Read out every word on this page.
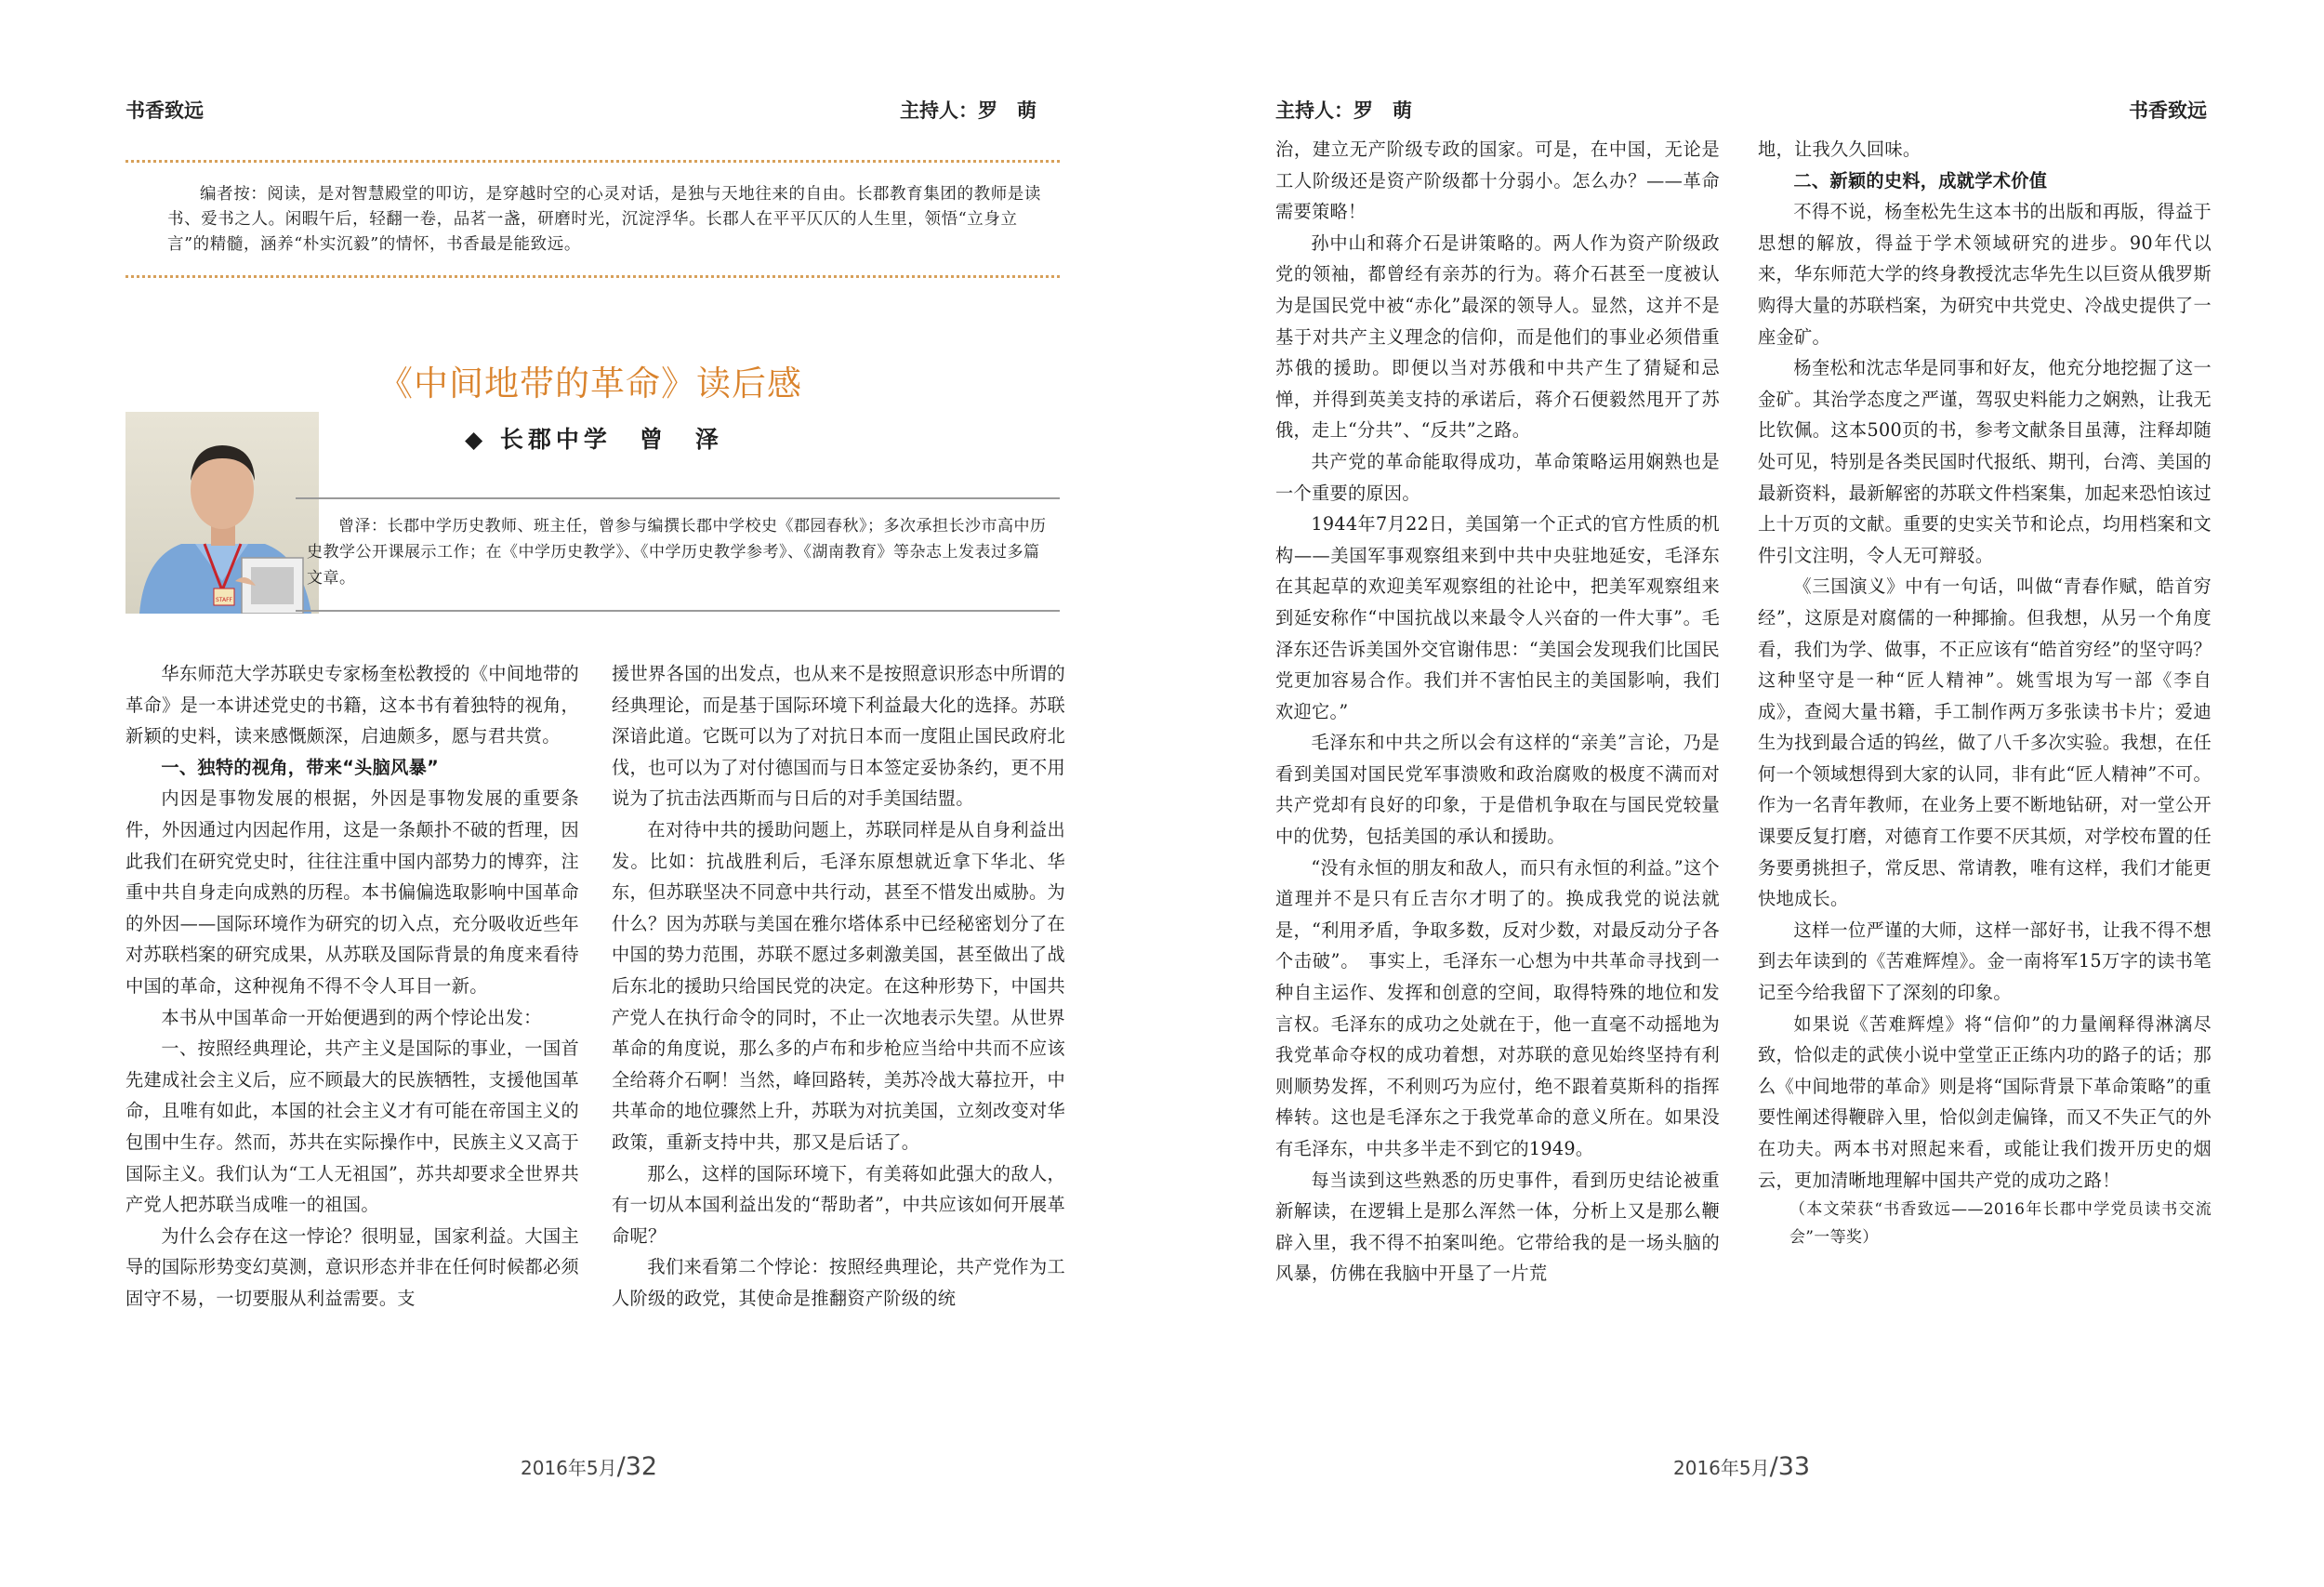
书香致远	主持人：罗　萌

编者按：阅读，是对智慧殿堂的叩访，是穿越时空的心灵对话，是独与天地往来的自由。长郡教育集团的教师是读书、爱书之人。闲暇午后，轻翻一卷，品茗一盏，研磨时光，沉淀浮华。长郡人在平平仄仄的人生里，领悟“立身立言”的精髓，涵养“朴实沉毅”的情怀，书香最是能致远。

《中间地带的革命》读后感
◆ 长郡中学　曾　泽
STAFF

曾泽：长郡中学历史教师、班主任，曾参与编撰长郡中学校史《郡园春秋》；多次承担长沙市高中历史教学公开课展示工作；在《中学历史教学》、《中学历史教学参考》、《湖南教育》等杂志上发表过多篇文章。

华东师范大学苏联史专家杨奎松教授的《中间地带的革命》是一本讲述党史的书籍，这本书有着独特的视角，新颖的史料，读来感慨颇深，启迪颇多，愿与君共赏。

一、独特的视角，带来“头脑风暴”

内因是事物发展的根据，外因是事物发展的重要条件，外因通过内因起作用，这是一条颠扑不破的哲理，因此我们在研究党史时，往往注重中国内部势力的博弈，注重中共自身走向成熟的历程。本书偏偏选取影响中国革命的外因——国际环境作为研究的切入点，充分吸收近些年对苏联档案的研究成果，从苏联及国际背景的角度来看待中国的革命，这种视角不得不令人耳目一新。

本书从中国革命一开始便遇到的两个悖论出发：

一、按照经典理论，共产主义是国际的事业，一国首先建成社会主义后，应不顾最大的民族牺牲，支援他国革命，且唯有如此，本国的社会主义才有可能在帝国主义的包围中生存。然而，苏共在实际操作中，民族主义又高于国际主义。我们认为“工人无祖国”，苏共却要求全世界共产党人把苏联当成唯一的祖国。

为什么会存在这一悖论？很明显，国家利益。大国主导的国际形势变幻莫测，意识形态并非在任何时候都必须固守不易，一切要服从利益需要。支

援世界各国的出发点，也从来不是按照意识形态中所谓的经典理论，而是基于国际环境下利益最大化的选择。苏联深谙此道。它既可以为了对抗日本而一度阻止国民政府北伐，也可以为了对付德国而与日本签定妥协条约，更不用说为了抗击法西斯而与日后的对手美国结盟。

在对待中共的援助问题上，苏联同样是从自身利益出发。比如：抗战胜利后，毛泽东原想就近拿下华北、华东，但苏联坚决不同意中共行动，甚至不惜发出威胁。为什么？因为苏联与美国在雅尔塔体系中已经秘密划分了在中国的势力范围，苏联不愿过多刺激美国，甚至做出了战后东北的援助只给国民党的决定。在这种形势下，中国共产党人在执行命令的同时，不止一次地表示失望。从世界革命的角度说，那么多的卢布和步枪应当给中共而不应该全给蒋介石啊！当然，峰回路转，美苏冷战大幕拉开，中共革命的地位骤然上升，苏联为对抗美国，立刻改变对华政策，重新支持中共，那又是后话了。

那么，这样的国际环境下，有美蒋如此强大的敌人，有一切从本国利益出发的“帮助者”，中共应该如何开展革命呢？

我们来看第二个悖论：按照经典理论，共产党作为工人阶级的政党，其使命是推翻资产阶级的统

2016年5月/32
主持人：罗　萌	书香致远

治，建立无产阶级专政的国家。可是，在中国，无论是工人阶级还是资产阶级都十分弱小。怎么办？——革命需要策略！

孙中山和蒋介石是讲策略的。两人作为资产阶级政党的领袖，都曾经有亲苏的行为。蒋介石甚至一度被认为是国民党中被“赤化”最深的领导人。显然，这并不是基于对共产主义理念的信仰，而是他们的事业必须借重苏俄的援助。即便以当对苏俄和中共产生了猜疑和忌惮，并得到英美支持的承诺后，蒋介石便毅然甩开了苏俄，走上“分共”、“反共”之路。

共产党的革命能取得成功，革命策略运用娴熟也是一个重要的原因。

1944年7月22日，美国第一个正式的官方性质的机构——美国军事观察组来到中共中央驻地延安，毛泽东在其起草的欢迎美军观察组的社论中，把美军观察组来到延安称作“中国抗战以来最令人兴奋的一件大事”。毛泽东还告诉美国外交官谢伟思：“美国会发现我们比国民党更加容易合作。我们并不害怕民主的美国影响，我们欢迎它。”

毛泽东和中共之所以会有这样的“亲美”言论，乃是看到美国对国民党军事溃败和政治腐败的极度不满而对共产党却有良好的印象，于是借机争取在与国民党较量中的优势，包括美国的承认和援助。

“没有永恒的朋友和敌人，而只有永恒的利益。”这个道理并不是只有丘吉尔才明了的。换成我党的说法就是，“利用矛盾，争取多数，反对少数，对最反动分子各个击破”。　事实上，毛泽东一心想为中共革命寻找到一种自主运作、发挥和创意的空间，取得特殊的地位和发言权。毛泽东的成功之处就在于，他一直毫不动摇地为我党革命夺权的成功着想，对苏联的意见始终坚持有利则顺势发挥，不利则巧为应付，绝不跟着莫斯科的指挥棒转。这也是毛泽东之于我党革命的意义所在。如果没有毛泽东，中共多半走不到它的1949。

每当读到这些熟悉的历史事件，看到历史结论被重新解读，在逻辑上是那么浑然一体，分析上又是那么鞭辟入里，我不得不拍案叫绝。它带给我的是一场头脑的风暴，仿佛在我脑中开垦了一片荒

地，让我久久回味。

二、新颖的史料，成就学术价值

不得不说，杨奎松先生这本书的出版和再版，得益于思想的解放，得益于学术领域研究的进步。90年代以来，华东师范大学的终身教授沈志华先生以巨资从俄罗斯购得大量的苏联档案，为研究中共党史、冷战史提供了一座金矿。

杨奎松和沈志华是同事和好友，他充分地挖掘了这一金矿。其治学态度之严谨，驾驭史料能力之娴熟，让我无比钦佩。这本500页的书，参考文献条目虽薄，注释却随处可见，特别是各类民国时代报纸、期刊，台湾、美国的最新资料，最新解密的苏联文件档案集，加起来恐怕该过上十万页的文献。重要的史实关节和论点，均用档案和文件引文注明，令人无可辩驳。

《三国演义》中有一句话，叫做“青春作赋，皓首穷经”，这原是对腐儒的一种揶揄。但我想，从另一个角度看，我们为学、做事，不正应该有“皓首穷经”的坚守吗？这种坚守是一种“匠人精神”。姚雪垠为写一部《李自成》，查阅大量书籍，手工制作两万多张读书卡片；爱迪生为找到最合适的钨丝，做了八千多次实验。我想，在任何一个领域想得到大家的认同，非有此“匠人精神”不可。作为一名青年教师，在业务上要不断地钻研，对一堂公开课要反复打磨，对德育工作要不厌其烦，对学校布置的任务要勇挑担子，常反思、常请教，唯有这样，我们才能更快地成长。

这样一位严谨的大师，这样一部好书，让我不得不想到去年读到的《苦难辉煌》。金一南将军15万字的读书笔记至今给我留下了深刻的印象。

如果说《苦难辉煌》将“信仰”的力量阐释得淋漓尽致，恰似走的武侠小说中堂堂正正练内功的路子的话；那么《中间地带的革命》则是将“国际背景下革命策略”的重要性阐述得鞭辟入里，恰似剑走偏锋，而又不失正气的外在功夫。两本书对照起来看，或能让我们拨开历史的烟云，更加清晰地理解中国共产党的成功之路！

（本文荣获“书香致远——2016年长郡中学党员读书交流会”一等奖）

2016年5月/33
